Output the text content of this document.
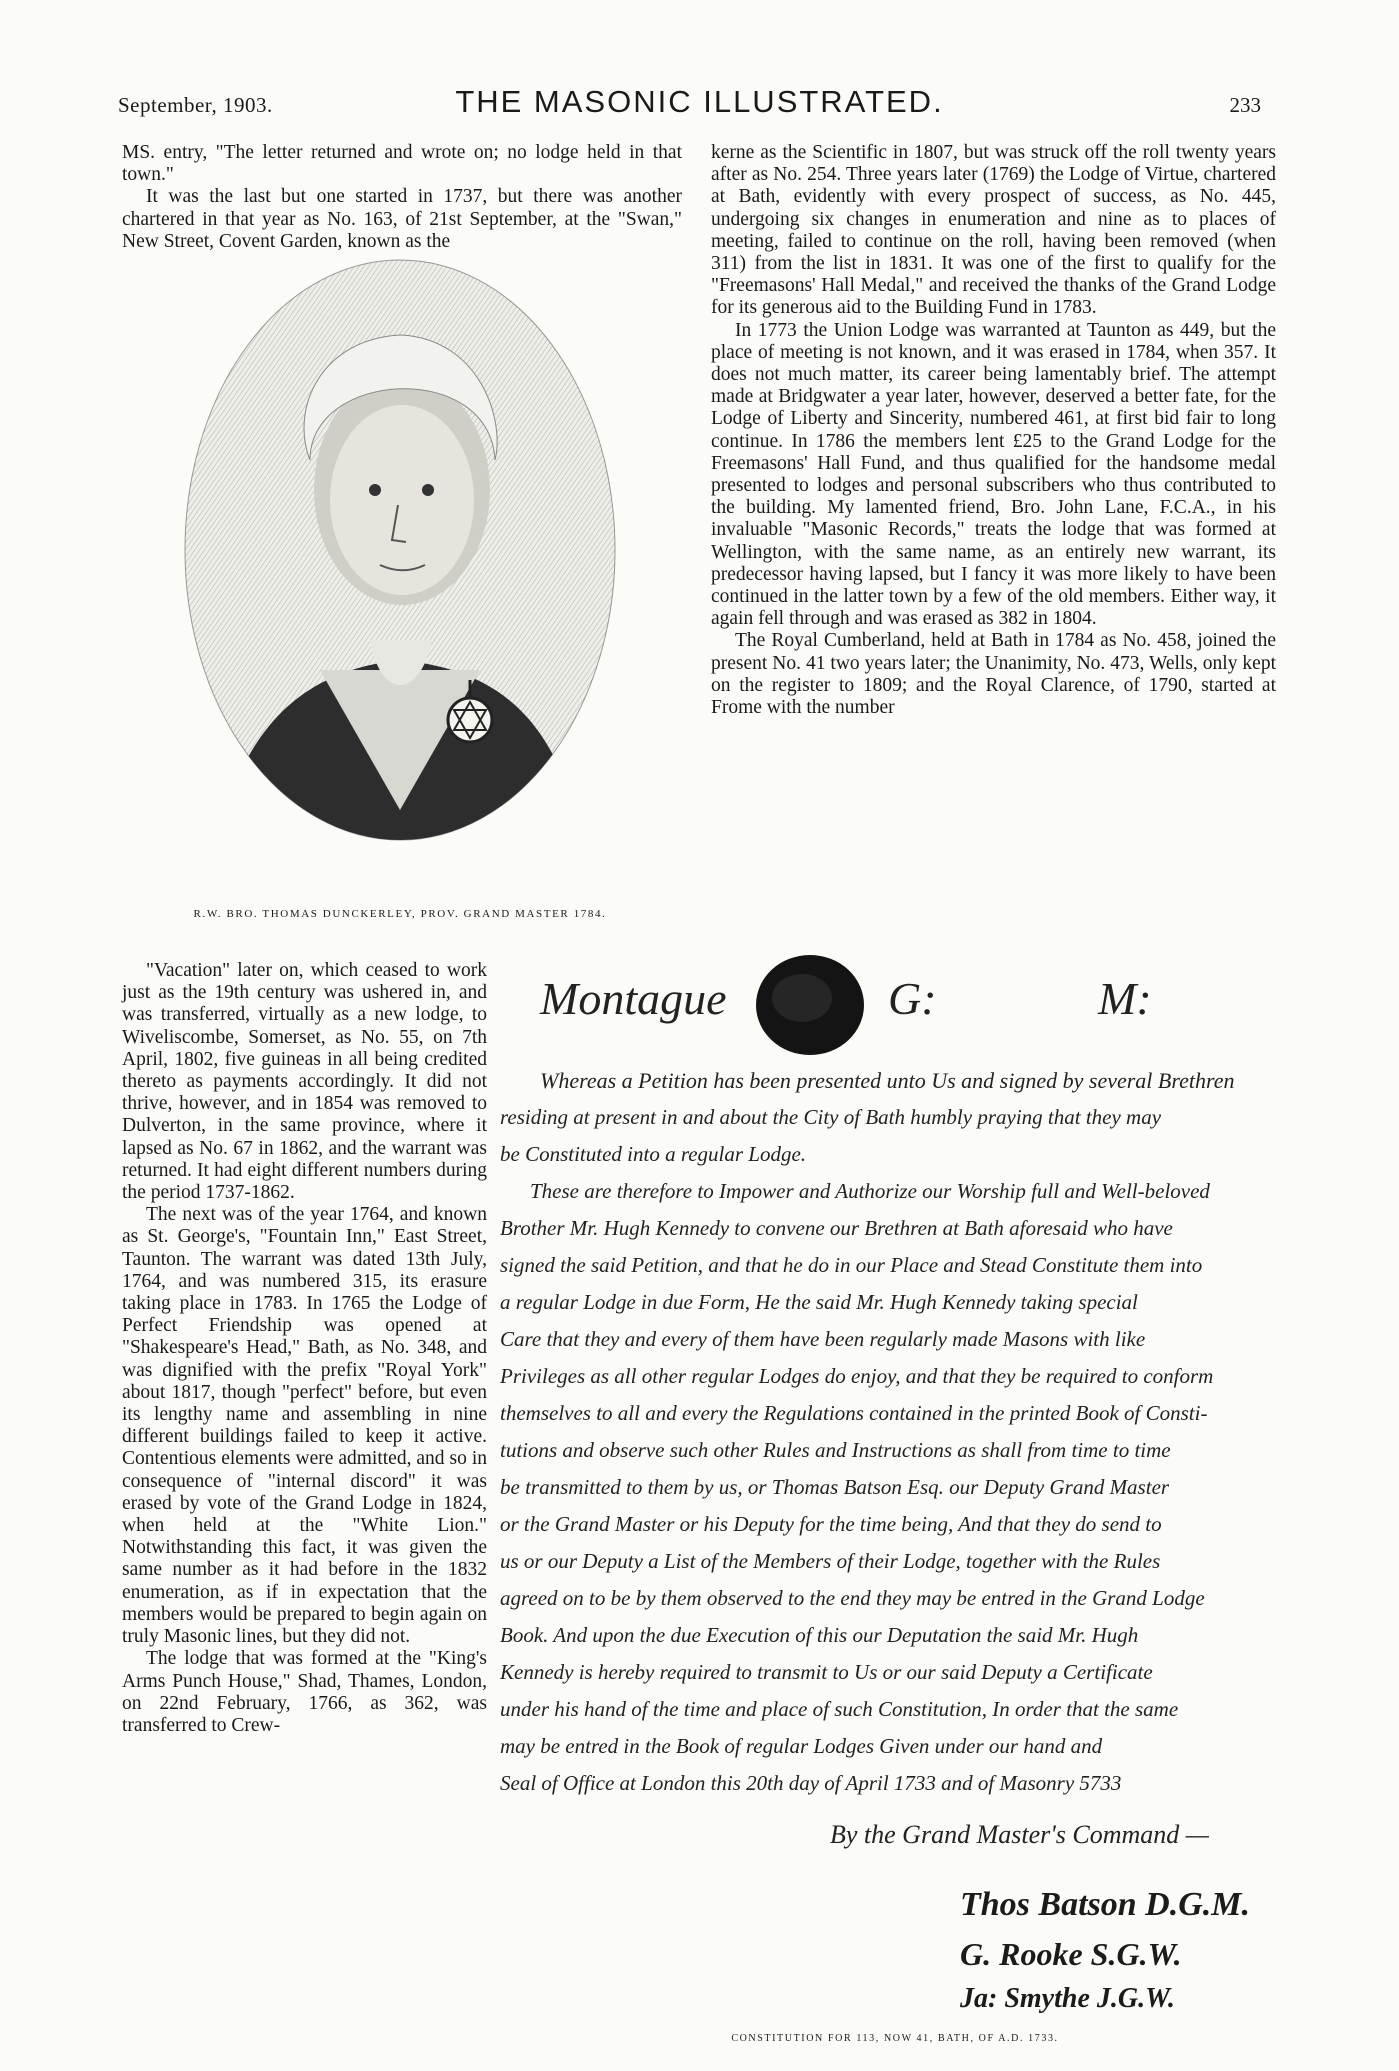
September, 1903.	THE MASONIC ILLUSTRATED.	233

MS. entry, "The letter returned and wrote on; no lodge held in that town."

It was the last but one started in 1737, but there was another chartered in that year as No. 163, of 21st September, at the "Swan," New Street, Covent Garden, known as the

R.W. BRO. THOMAS DUNCKERLEY, PROV. GRAND MASTER 1784.

kerne as the Scientific in 1807, but was struck off the roll twenty years after as No. 254. Three years later (1769) the Lodge of Virtue, chartered at Bath, evidently with every prospect of success, as No. 445, undergoing six changes in enumeration and nine as to places of meeting, failed to continue on the roll, having been removed (when 311) from the list in 1831. It was one of the first to qualify for the "Freemasons' Hall Medal," and received the thanks of the Grand Lodge for its generous aid to the Building Fund in 1783.

In 1773 the Union Lodge was warranted at Taunton as 449, but the place of meeting is not known, and it was erased in 1784, when 357. It does not much matter, its career being lamentably brief. The attempt made at Bridgwater a year later, however, deserved a better fate, for the Lodge of Liberty and Sincerity, numbered 461, at first bid fair to long continue. In 1786 the members lent £25 to the Grand Lodge for the Freemasons' Hall Fund, and thus qualified for the handsome medal presented to lodges and personal subscribers who thus contributed to the building. My lamented friend, Bro. John Lane, F.C.A., in his invaluable "Masonic Records," treats the lodge that was formed at Wellington, with the same name, as an entirely new warrant, its predecessor having lapsed, but I fancy it was more likely to have been continued in the latter town by a few of the old members. Either way, it again fell through and was erased as 382 in 1804.

The Royal Cumberland, held at Bath in 1784 as No. 458, joined the present No. 41 two years later; the Unanimity, No. 473, Wells, only kept on the register to 1809; and the Royal Clarence, of 1790, started at Frome with the number

"Vacation" later on, which ceased to work just as the 19th century was ushered in, and was transferred, virtually as a new lodge, to Wiveliscombe, Somerset, as No. 55, on 7th April, 1802, five guineas in all being credited thereto as payments accordingly. It did not thrive, however, and in 1854 was removed to Dulverton, in the same province, where it lapsed as No. 67 in 1862, and the warrant was returned. It had eight different numbers during the period 1737-1862.

The next was of the year 1764, and known as St. George's, "Fountain Inn," East Street, Taunton. The warrant was dated 13th July, 1764, and was numbered 315, its erasure taking place in 1783. In 1765 the Lodge of Perfect Friendship was opened at "Shakespeare's Head," Bath, as No. 348, and was dignified with the prefix "Royal York" about 1817, though "perfect" before, but even its lengthy name and assembling in nine different buildings failed to keep it active. Contentious elements were admitted, and so in consequence of "internal discord" it was erased by vote of the Grand Lodge in 1824, when held at the "White Lion." Notwithstanding this fact, it was given the same number as it had before in the 1832 enumeration, as if in expectation that the members would be prepared to begin again on truly Masonic lines, but they did not.

The lodge that was formed at the "King's Arms Punch House," Shad, Thames, London, on 22nd February, 1766, as 362, was transferred to Crew-

Montague G: M:
Whereas a Petition has been presented unto Us and signed by several Brethren
residing at present in and about the City of Bath humbly praying that they may
be Constituted into a regular Lodge.
These are therefore to Impower and Authorize our Worship full and Well-beloved
Brother Mr. Hugh Kennedy to convene our Brethren at Bath aforesaid who have
signed the said Petition, and that he do in our Place and Stead Constitute them into
a regular Lodge in due Form, He the said Mr. Hugh Kennedy taking special
Care that they and every of them have been regularly made Masons with like
Privileges as all other regular Lodges do enjoy, and that they be required to conform
themselves to all and every the Regulations contained in the printed Book of Consti-
tutions and observe such other Rules and Instructions as shall from time to time
be transmitted to them by us, or Thomas Batson Esq. our Deputy Grand Master
or the Grand Master or his Deputy for the time being, And that they do send to
us or our Deputy a List of the Members of their Lodge, together with the Rules
agreed on to be by them observed to the end they may be entred in the Grand Lodge
Book. And upon the due Execution of this our Deputation the said Mr. Hugh
Kennedy is hereby required to transmit to Us or our said Deputy a Certificate
under his hand of the time and place of such Constitution, In order that the same
may be entred in the Book of regular Lodges Given under our hand and
Seal of Office at London this 20th day of April 1733 and of Masonry 5733
By the Grand Master's Command —
Thos Batson D.G.M.
G. Rooke S.G.W.
Ja: Smythe J.G.W.
CONSTITUTION FOR 113, NOW 41, BATH, OF A.D. 1733.
